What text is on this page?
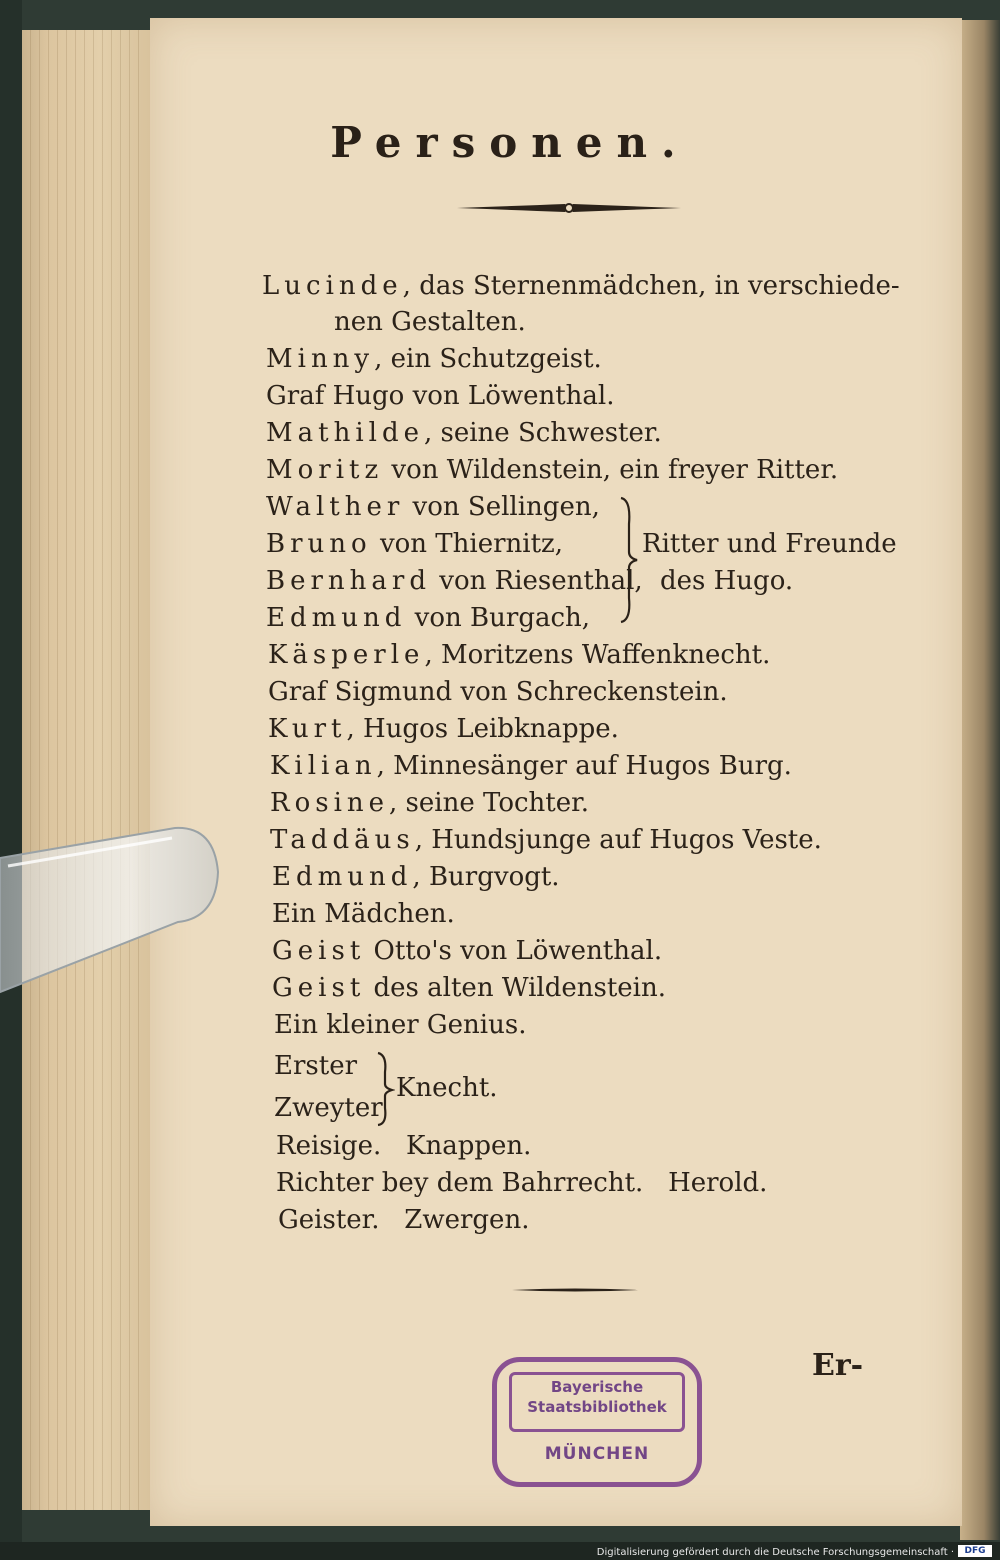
Personen.
Lucinde, das Sternenmädchen, in verschiede-
nen Gestalten.
Minny, ein Schutzgeist.
Graf Hugo von Löwenthal.
Mathilde, seine Schwester.
Moritz von Wildenstein, ein freyer Ritter.
Walther von Sellingen,
Bruno von Thiernitz,
Bernhard von Riesenthal,
Edmund von Burgach,
Ritter und Freunde
des Hugo.
Käsperle, Moritzens Waffenknecht.
Graf Sigmund von Schreckenstein.
Kurt, Hugos Leibknappe.
Kilian, Minnesänger auf Hugos Burg.
Rosine, seine Tochter.
Taddäus, Hundsjunge auf Hugos Veste.
Edmund, Burgvogt.
Ein Mädchen.
Geist Otto's von Löwenthal.
Geist des alten Wildenstein.
Ein kleiner Genius.
Erster
Zweyter
Knecht.
Reisige.   Knappen.
Richter bey dem Bahrrecht.   Herold.
Geister.   Zwergen.
Er-
Bayerische
Staatsbibliothek
MÜNCHEN
Digitalisierung gefördert durch die Deutsche Forschungsgemeinschaft ·	DFG
